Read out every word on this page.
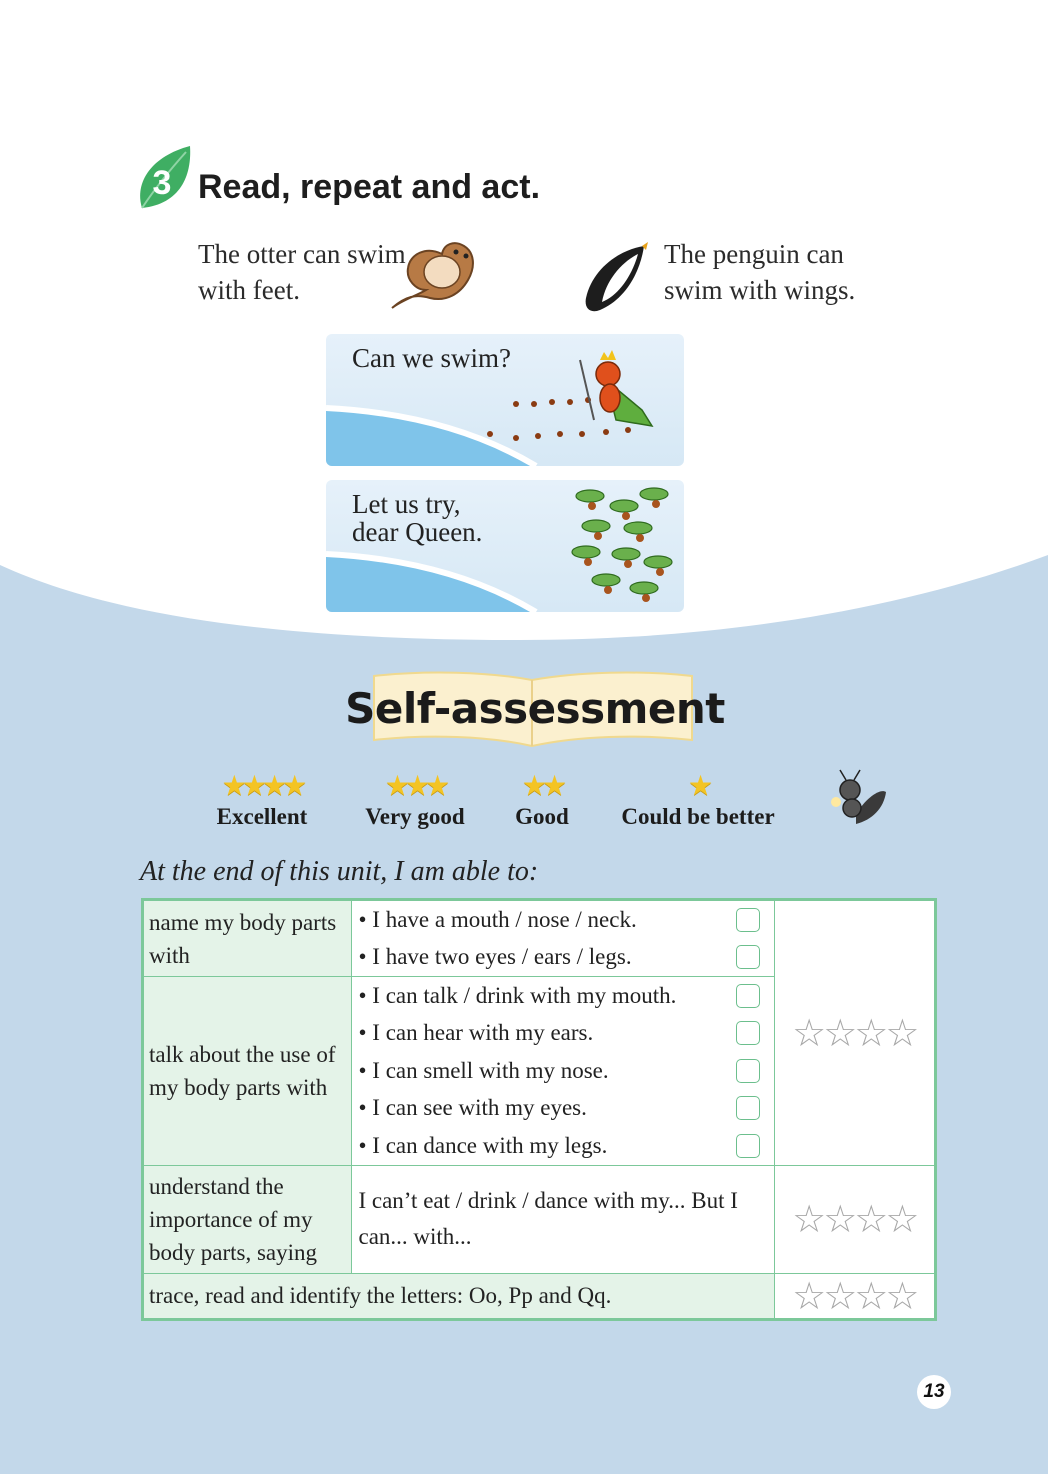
3 Read, repeat and act.
The otter can swim
with feet.
The penguin can
swim with wings.
Can we swim?
Let us try,
dear Queen.
Self-assessment
★★★★
Excellent
★★★
Very good
★★
Good
★
Could be better
At the end of this unit, I am able to:
name my body parts with	• I have a mouth / nose / neck.
• I have two eyes / ears / legs.	☆☆☆☆
talk about the use of my body parts with	• I can talk / drink with my mouth.
• I can hear with my ears.
• I can smell with my nose.
• I can see with my eyes.
• I can dance with my legs.	

understand the importance of my body parts, saying	I can’t eat / drink / dance with my... But I can... with...	☆☆☆☆
trace, read and identify the letters: Oo, Pp and Qq.		☆☆☆☆
13
